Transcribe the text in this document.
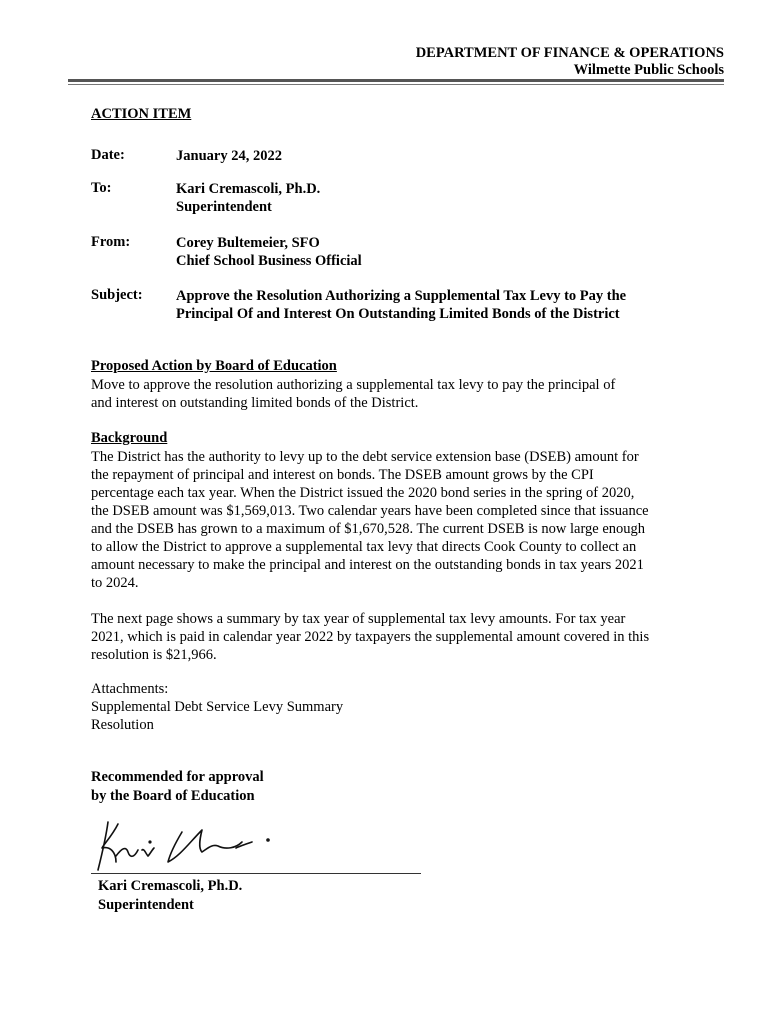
DEPARTMENT OF FINANCE & OPERATIONS
Wilmette Public Schools
ACTION ITEM
Date:	January 24, 2022
To:	Kari Cremascoli, Ph.D.
Superintendent
From:	Corey Bultemeier, SFO
Chief School Business Official
Subject: Approve the Resolution Authorizing a Supplemental Tax Levy to Pay the
Principal Of and Interest On Outstanding Limited Bonds of the District
Proposed Action by Board of Education
Move to approve the resolution authorizing a supplemental tax levy to pay the principal of
and interest on outstanding limited bonds of the District.
Background
The District has the authority to levy up to the debt service extension base (DSEB) amount for
the repayment of principal and interest on bonds. The DSEB amount grows by the CPI
percentage each tax year. When the District issued the 2020 bond series in the spring of 2020,
the DSEB amount was $1,569,013. Two calendar years have been completed since that issuance
and the DSEB has grown to a maximum of $1,670,528. The current DSEB is now large enough
to allow the District to approve a supplemental tax levy that directs Cook County to collect an
amount necessary to make the principal and interest on the outstanding bonds in tax years 2021
to 2024.
The next page shows a summary by tax year of supplemental tax levy amounts. For tax year
2021, which is paid in calendar year 2022 by taxpayers the supplemental amount covered in this
resolution is $21,966.
Attachments:
Supplemental Debt Service Levy Summary
Resolution
Recommended for approval
by the Board of Education
Kari Cremascoli, Ph.D.
Superintendent
